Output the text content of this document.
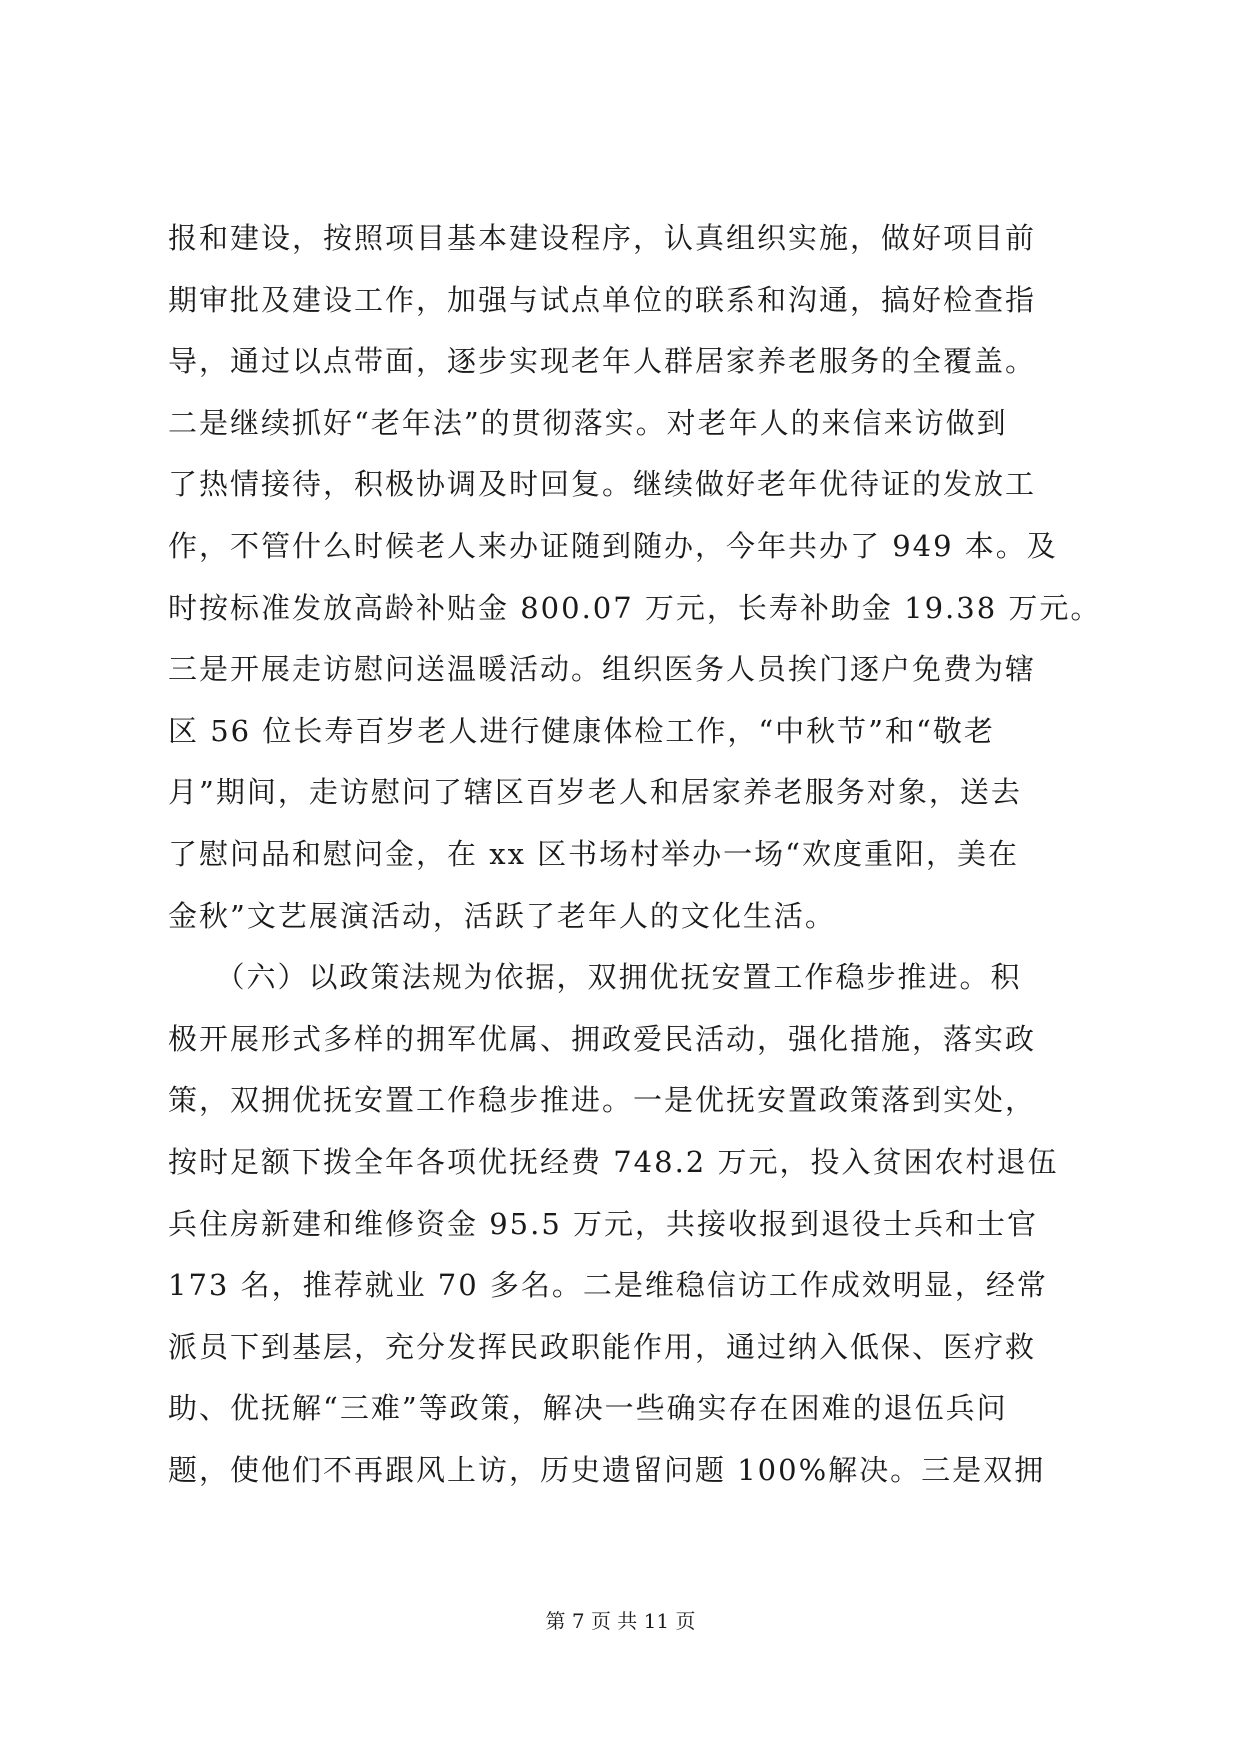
报和建设，按照项目基本建设程序，认真组织实施，做好项目前
期审批及建设工作，加强与试点单位的联系和沟通，搞好检查指
导，通过以点带面，逐步实现老年人群居家养老服务的全覆盖。
二是继续抓好“老年法”的贯彻落实。对老年人的来信来访做到
了热情接待，积极协调及时回复。继续做好老年优待证的发放工
作，不管什么时候老人来办证随到随办，今年共办了 949 本。及
时按标准发放高龄补贴金 800.07 万元，长寿补助金 19.38 万元。
三是开展走访慰问送温暖活动。组织医务人员挨门逐户免费为辖
区 56 位长寿百岁老人进行健康体检工作，“中秋节”和“敬老
月”期间，走访慰问了辖区百岁老人和居家养老服务对象，送去
了慰问品和慰问金，在 xx 区书场村举办一场“欢度重阳，美在
金秋”文艺展演活动，活跃了老年人的文化生活。
　　（六）以政策法规为依据，双拥优抚安置工作稳步推进。积
极开展形式多样的拥军优属、拥政爱民活动，强化措施，落实政
策，双拥优抚安置工作稳步推进。一是优抚安置政策落到实处，
按时足额下拨全年各项优抚经费 748.2 万元，投入贫困农村退伍
兵住房新建和维修资金 95.5 万元，共接收报到退役士兵和士官
173 名，推荐就业 70 多名。二是维稳信访工作成效明显，经常
派员下到基层，充分发挥民政职能作用，通过纳入低保、医疗救
助、优抚解“三难”等政策，解决一些确实存在困难的退伍兵问
题，使他们不再跟风上访，历史遗留问题 100%解决。三是双拥
第 7 页 共 11 页
